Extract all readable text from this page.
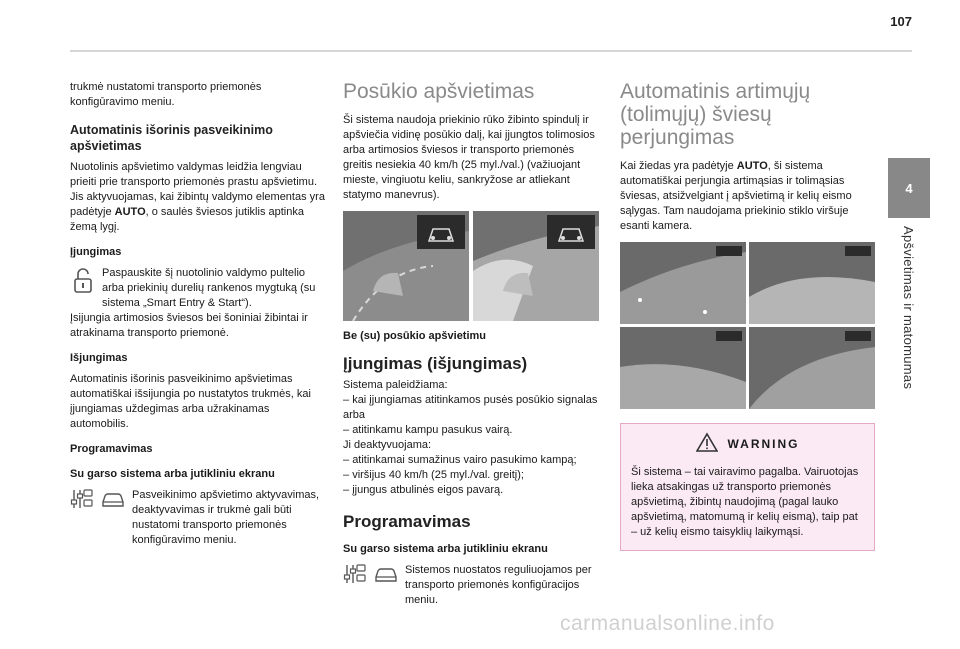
107

trukmė nustatomi transporto priemonės konfigūravimo meniu.

Automatinis išorinis pasveikinimo apšvietimas

Nuotolinis apšvietimo valdymas leidžia lengviau prieiti prie transporto priemonės prastu apšvietimu. Jis aktyvuojamas, kai žibintų valdymo elementas yra padėtyje AUTO, o saulės šviesos jutiklis aptinka žemą lygį.

Įjungimas

Paspauskite šį nuotolinio valdymo pultelio arba priekinių durelių rankenos mygtuką (su sistema „Smart Entry & Start“).

Įsijungia artimosios šviesos bei šoniniai žibintai ir atrakinama transporto priemonė.

Išjungimas

Automatinis išorinis pasveikinimo apšvietimas automatiškai išsijungia po nustatytos trukmės, kai įjungiamas uždegimas arba užrakinamas automobilis.

Programavimas
Su garso sistema arba jutikliniu ekranu

Pasveikinimo apšvietimo aktyvavimas, deaktyvavimas ir trukmė gali būti nustatomi transporto priemonės konfigūravimo meniu.

Posūkio apšvietimas

Ši sistema naudoja priekinio rūko žibinto spindulį ir apšviečia vidinę posūkio dalį, kai įjungtos tolimosios arba artimosios šviesos ir transporto priemonės greitis nesiekia 40 km/h (25 myl./val.) (važiuojant mieste, vingiuotu keliu, sankryžose ar atliekant statymo manevrus).

Be (su) posūkio apšvietimu
Įjungimas (išjungimas)
Sistema paleidžiama:
– kai įjungiamas atitinkamos pusės posūkio signalas
arba
– atitinkamu kampu pasukus vairą.
Ji deaktyvuojama:
– atitinkamai sumažinus vairo pasukimo kampą;
– viršijus 40 km/h (25 myl./val. greitį);
– įjungus atbulinės eigos pavarą.
Programavimas
Su garso sistema arba jutikliniu ekranu

Sistemos nuostatos reguliuojamos per transporto priemonės konfigūracijos meniu.

Automatinis artimųjų (tolimųjų) šviesų perjungimas

Kai žiedas yra padėtyje AUTO, ši sistema automatiškai perjungia artimąsias ir tolimąsias šviesas, atsižvelgiant į apšvietimą ir kelių eismo sąlygas. Tam naudojama priekinio stiklo viršuje esanti kamera.

WARNING
Ši sistema – tai vairavimo pagalba. Vairuotojas lieka atsakingas už transporto priemonės apšvietimą, žibintų naudojimą (pagal lauko apšvietimą, matomumą ir kelių eismą), taip pat – už kelių eismo taisyklių laikymąsi.
4
Apšvietimas ir matomumas
carmanualsonline.info
